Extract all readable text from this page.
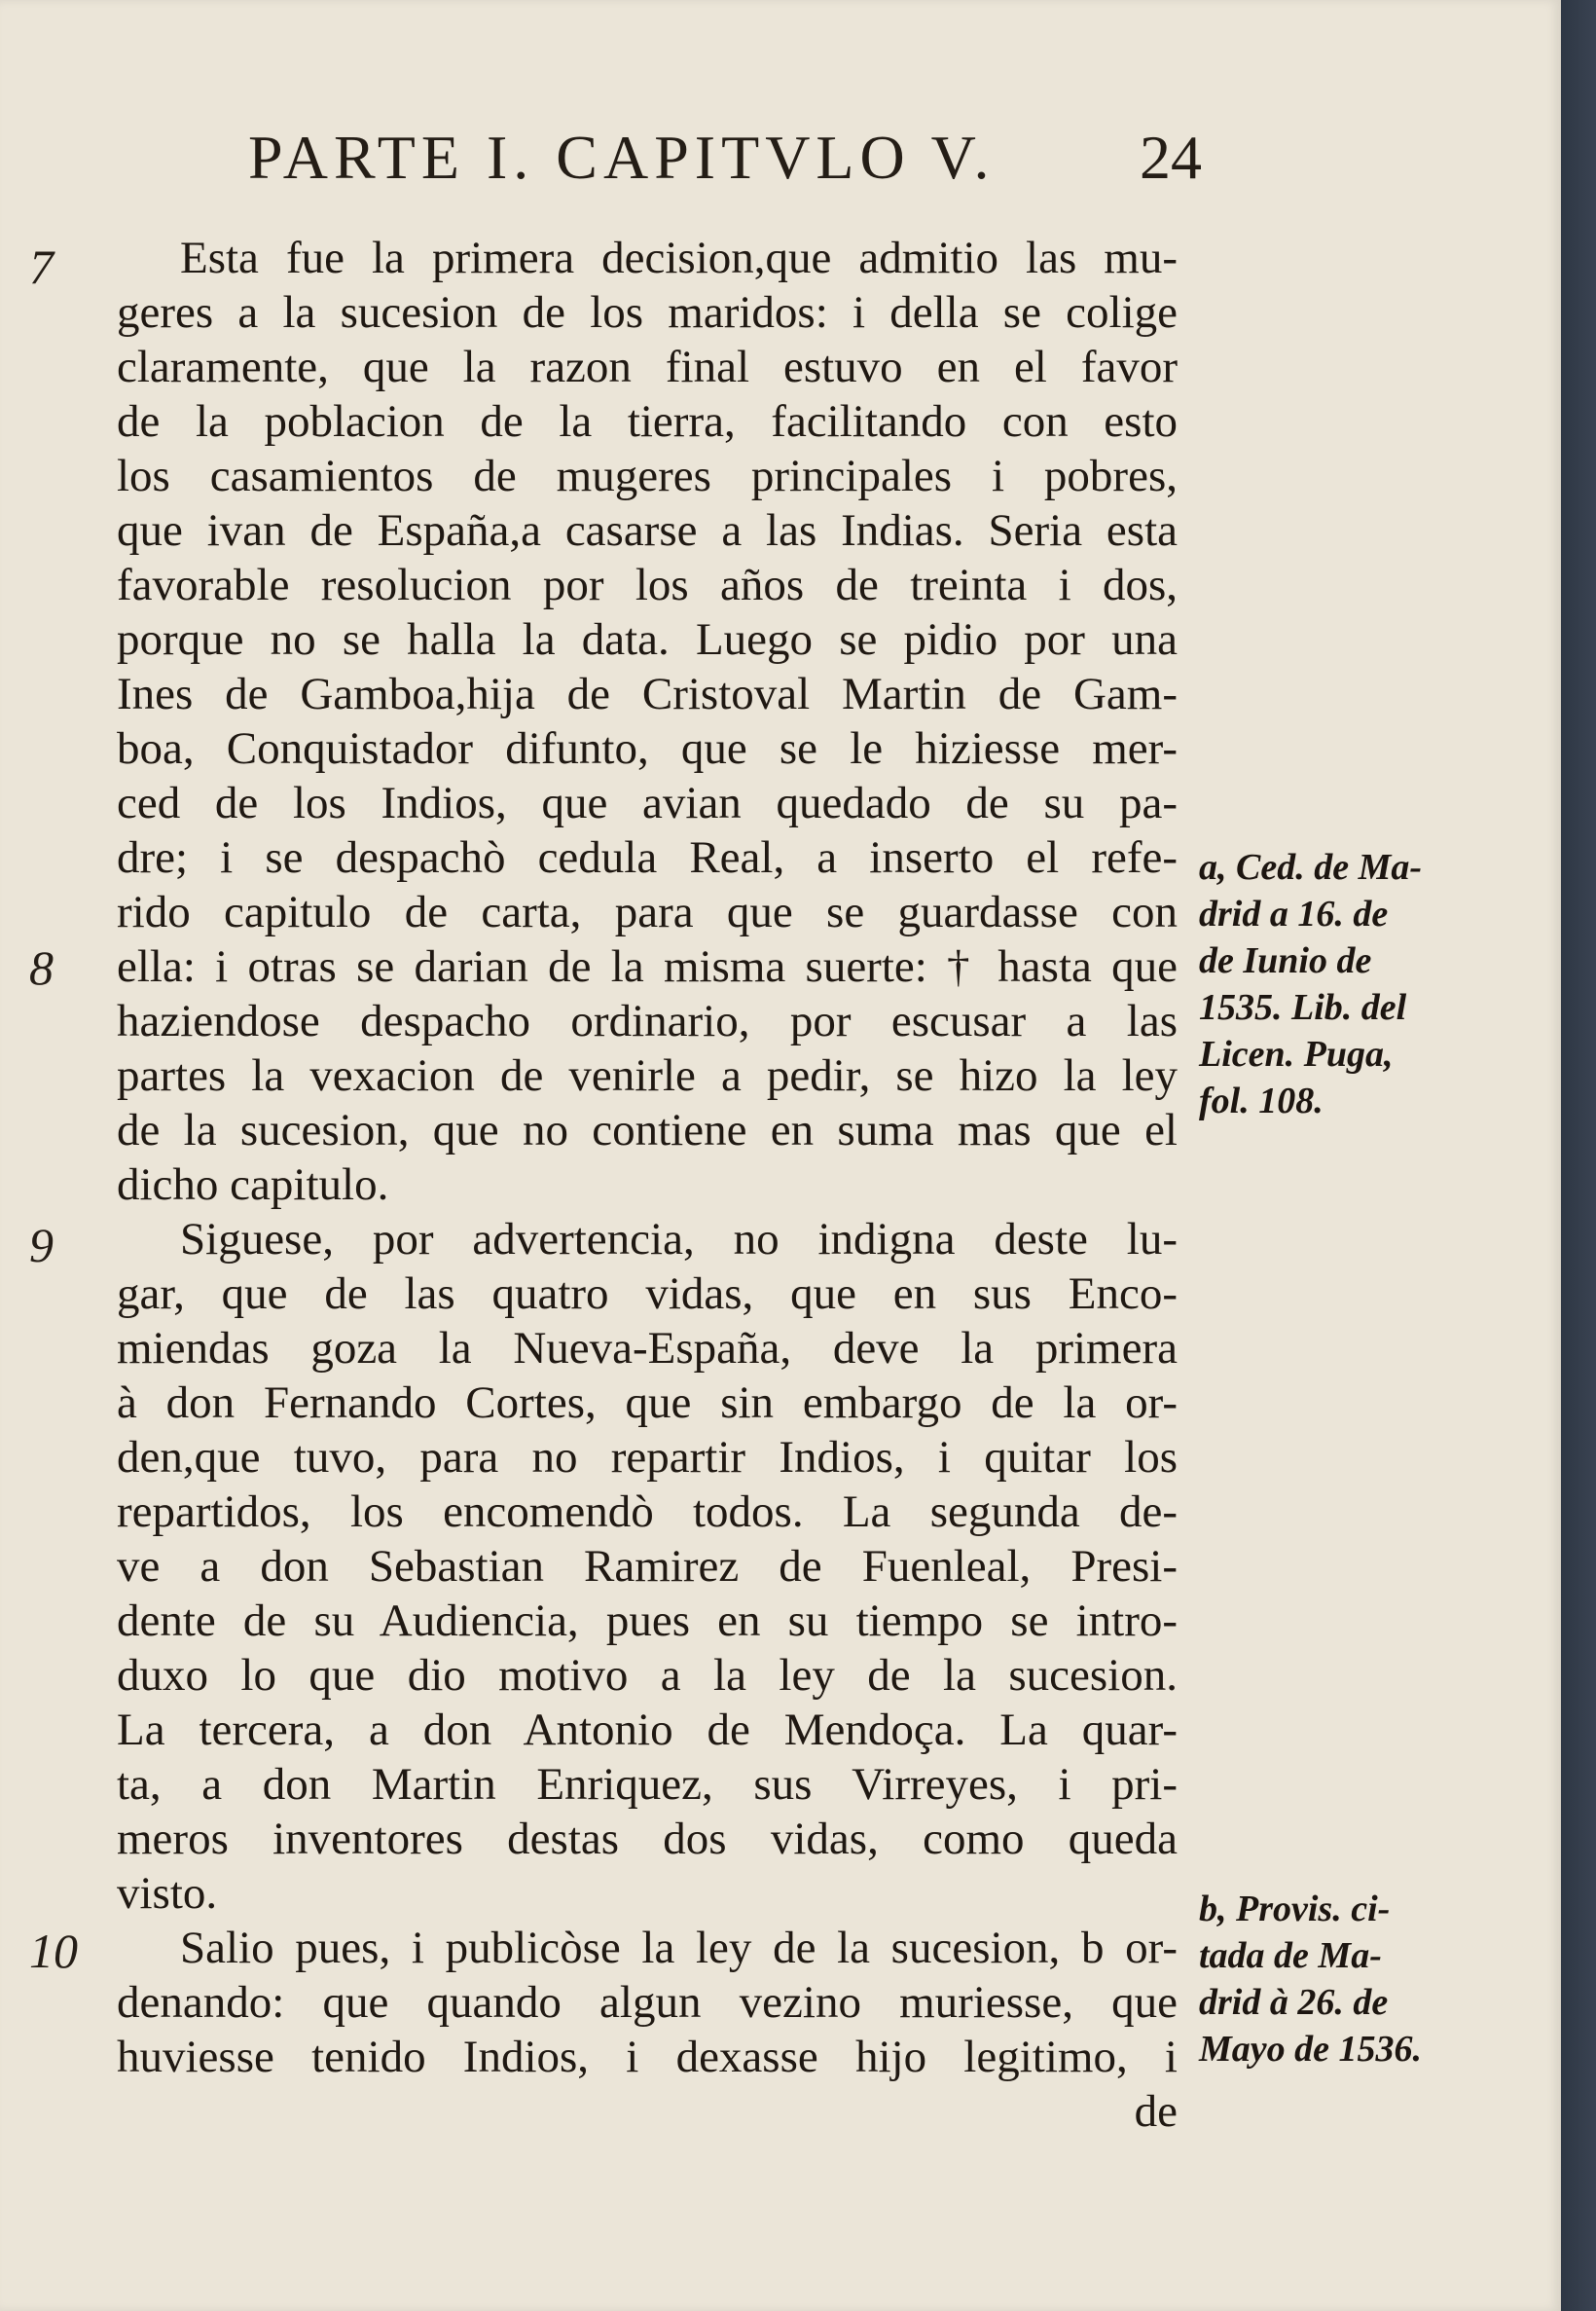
PARTE I. CAPITVLO V. 24
7
8
9
10
Esta fue la primera decision,que admitio las mu-
geres a la sucesion de los maridos: i della se colige
claramente, que la razon final estuvo en el favor
de la poblacion de la tierra, facilitando con esto
los casamientos de mugeres principales i pobres,
que ivan de España,a casarse a las Indias. Seria esta
favorable resolucion por los años de treinta i dos,
porque no se halla la data. Luego se pidio por una
Ines de Gamboa,hija de Cristoval Martin de Gam-
boa, Conquistador difunto, que se le hiziesse mer-
ced de los Indios, que avian quedado de su pa-
dre; i se despachò cedula Real, a inserto el refe-
rido capitulo de carta, para que se guardasse con
ella: i otras se darian de la misma suerte: † hasta que
haziendose despacho ordinario, por escusar a las
partes la vexacion de venirle a pedir, se hizo la ley
de la sucesion, que no contiene en suma mas que el
dicho capitulo.
Siguese, por advertencia, no indigna deste lu-
gar, que de las quatro vidas, que en sus Enco-
miendas goza la Nueva-España, deve la primera
à don Fernando Cortes, que sin embargo de la or-
den,que tuvo, para no repartir Indios, i quitar los
repartidos, los encomendò todos. La segunda de-
ve a don Sebastian Ramirez de Fuenleal, Presi-
dente de su Audiencia, pues en su tiempo se intro-
duxo lo que dio motivo a la ley de la sucesion.
La tercera, a don Antonio de Mendoça. La quar-
ta, a don Martin Enriquez, sus Virreyes, i pri-
meros inventores destas dos vidas, como queda
visto.
Salio pues, i publicòse la ley de la sucesion, b or-
denando: que quando algun vezino muriesse, que
huviesse tenido Indios, i dexasse hijo legitimo, i
de
a, Ced. de Ma-
drid a 16. de
de Iunio de
1535. Lib. del
Licen. Puga,
fol. 108.
b, Provis. ci-
tada de Ma-
drid à 26. de
Mayo de 1536.
